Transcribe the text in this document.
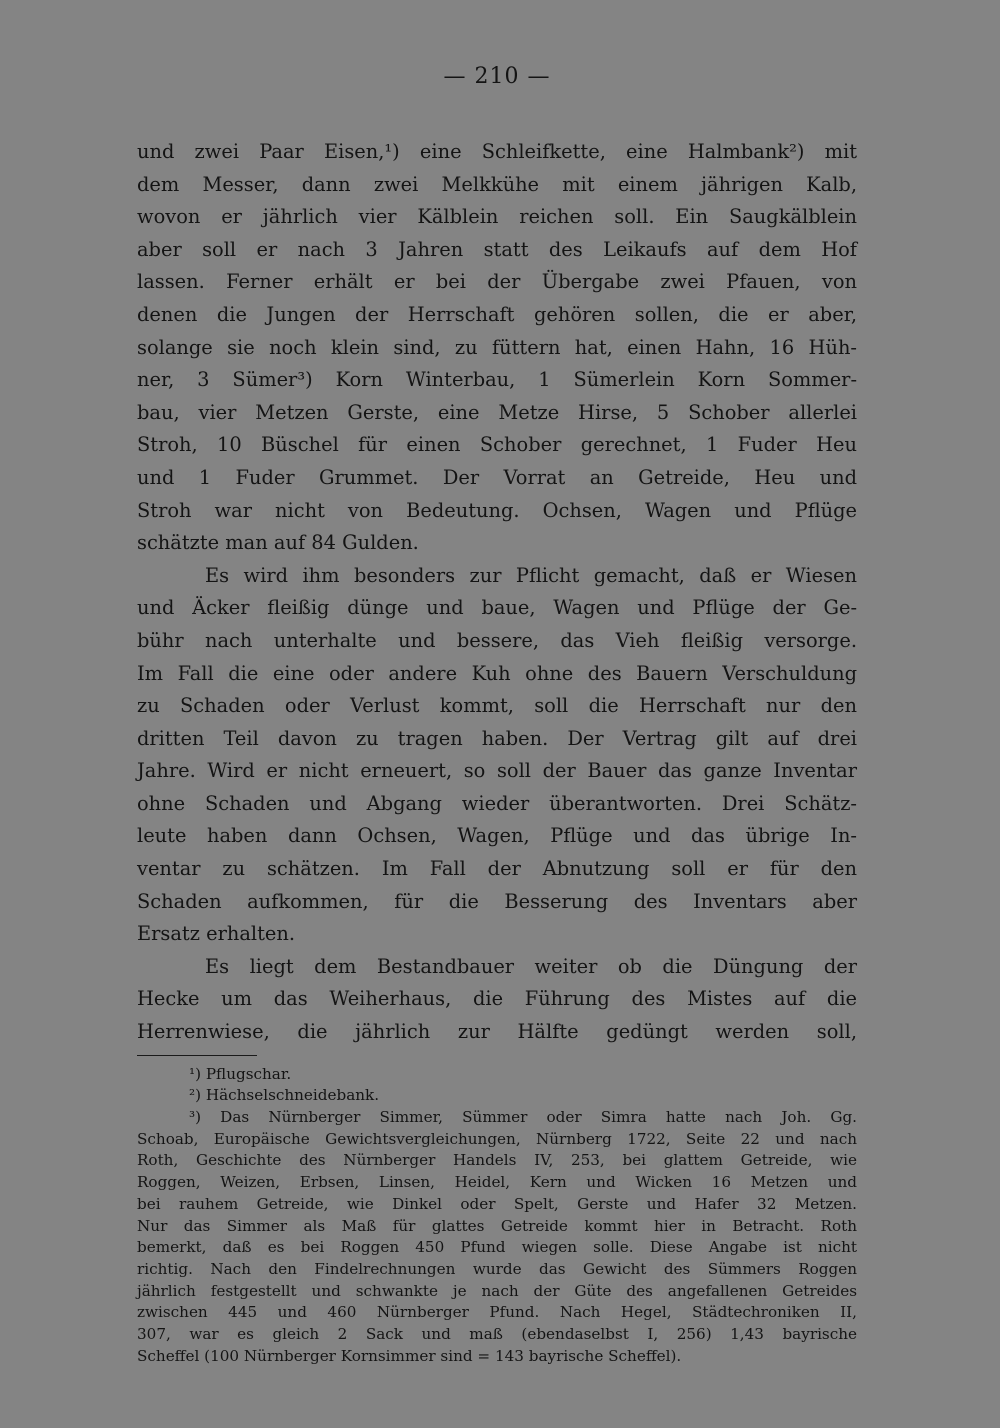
— 210 —
und zwei Paar Eisen,¹) eine Schleifkette, eine Halmbank²) mit
dem Messer, dann zwei Melkkühe mit einem jährigen Kalb,
wovon er jährlich vier Kälblein reichen soll. Ein Saugkälblein
aber soll er nach 3 Jahren statt des Leikaufs auf dem Hof
lassen. Ferner erhält er bei der Übergabe zwei Pfauen, von
denen die Jungen der Herrschaft gehören sollen, die er aber,
solange sie noch klein sind, zu füttern hat, einen Hahn, 16 Hüh-
ner, 3 Sümer³) Korn Winterbau, 1 Sümerlein Korn Sommer-
bau, vier Metzen Gerste, eine Metze Hirse, 5 Schober allerlei
Stroh, 10 Büschel für einen Schober gerechnet, 1 Fuder Heu
und 1 Fuder Grummet. Der Vorrat an Getreide, Heu und
Stroh war nicht von Bedeutung. Ochsen, Wagen und Pflüge
schätzte man auf 84 Gulden.
Es wird ihm besonders zur Pflicht gemacht, daß er Wiesen
und Äcker fleißig dünge und baue, Wagen und Pflüge der Ge-
bühr nach unterhalte und bessere, das Vieh fleißig versorge.
Im Fall die eine oder andere Kuh ohne des Bauern Verschuldung
zu Schaden oder Verlust kommt, soll die Herrschaft nur den
dritten Teil davon zu tragen haben. Der Vertrag gilt auf drei
Jahre. Wird er nicht erneuert, so soll der Bauer das ganze Inventar
ohne Schaden und Abgang wieder überantworten. Drei Schätz-
leute haben dann Ochsen, Wagen, Pflüge und das übrige In-
ventar zu schätzen. Im Fall der Abnutzung soll er für den
Schaden aufkommen, für die Besserung des Inventars aber
Ersatz erhalten.
Es liegt dem Bestandbauer weiter ob die Düngung der
Hecke um das Weiherhaus, die Führung des Mistes auf die
Herrenwiese, die jährlich zur Hälfte gedüngt werden soll,
¹) Pflugschar.
²) Hächselschneidebank.
³) Das Nürnberger Simmer, Sümmer oder Simra hatte nach Joh. Gg.
Schoab, Europäische Gewichtsvergleichungen, Nürnberg 1722, Seite 22 und nach
Roth, Geschichte des Nürnberger Handels IV, 253, bei glattem Getreide, wie
Roggen, Weizen, Erbsen, Linsen, Heidel, Kern und Wicken 16 Metzen und
bei rauhem Getreide, wie Dinkel oder Spelt, Gerste und Hafer 32 Metzen.
Nur das Simmer als Maß für glattes Getreide kommt hier in Betracht. Roth
bemerkt, daß es bei Roggen 450 Pfund wiegen solle. Diese Angabe ist nicht
richtig. Nach den Findelrechnungen wurde das Gewicht des Sümmers Roggen
jährlich festgestellt und schwankte je nach der Güte des angefallenen Getreides
zwischen 445 und 460 Nürnberger Pfund. Nach Hegel, Städtechroniken II,
307, war es gleich 2 Sack und maß (ebendaselbst I, 256) 1,43 bayrische
Scheffel (100 Nürnberger Kornsimmer sind = 143 bayrische Scheffel).
